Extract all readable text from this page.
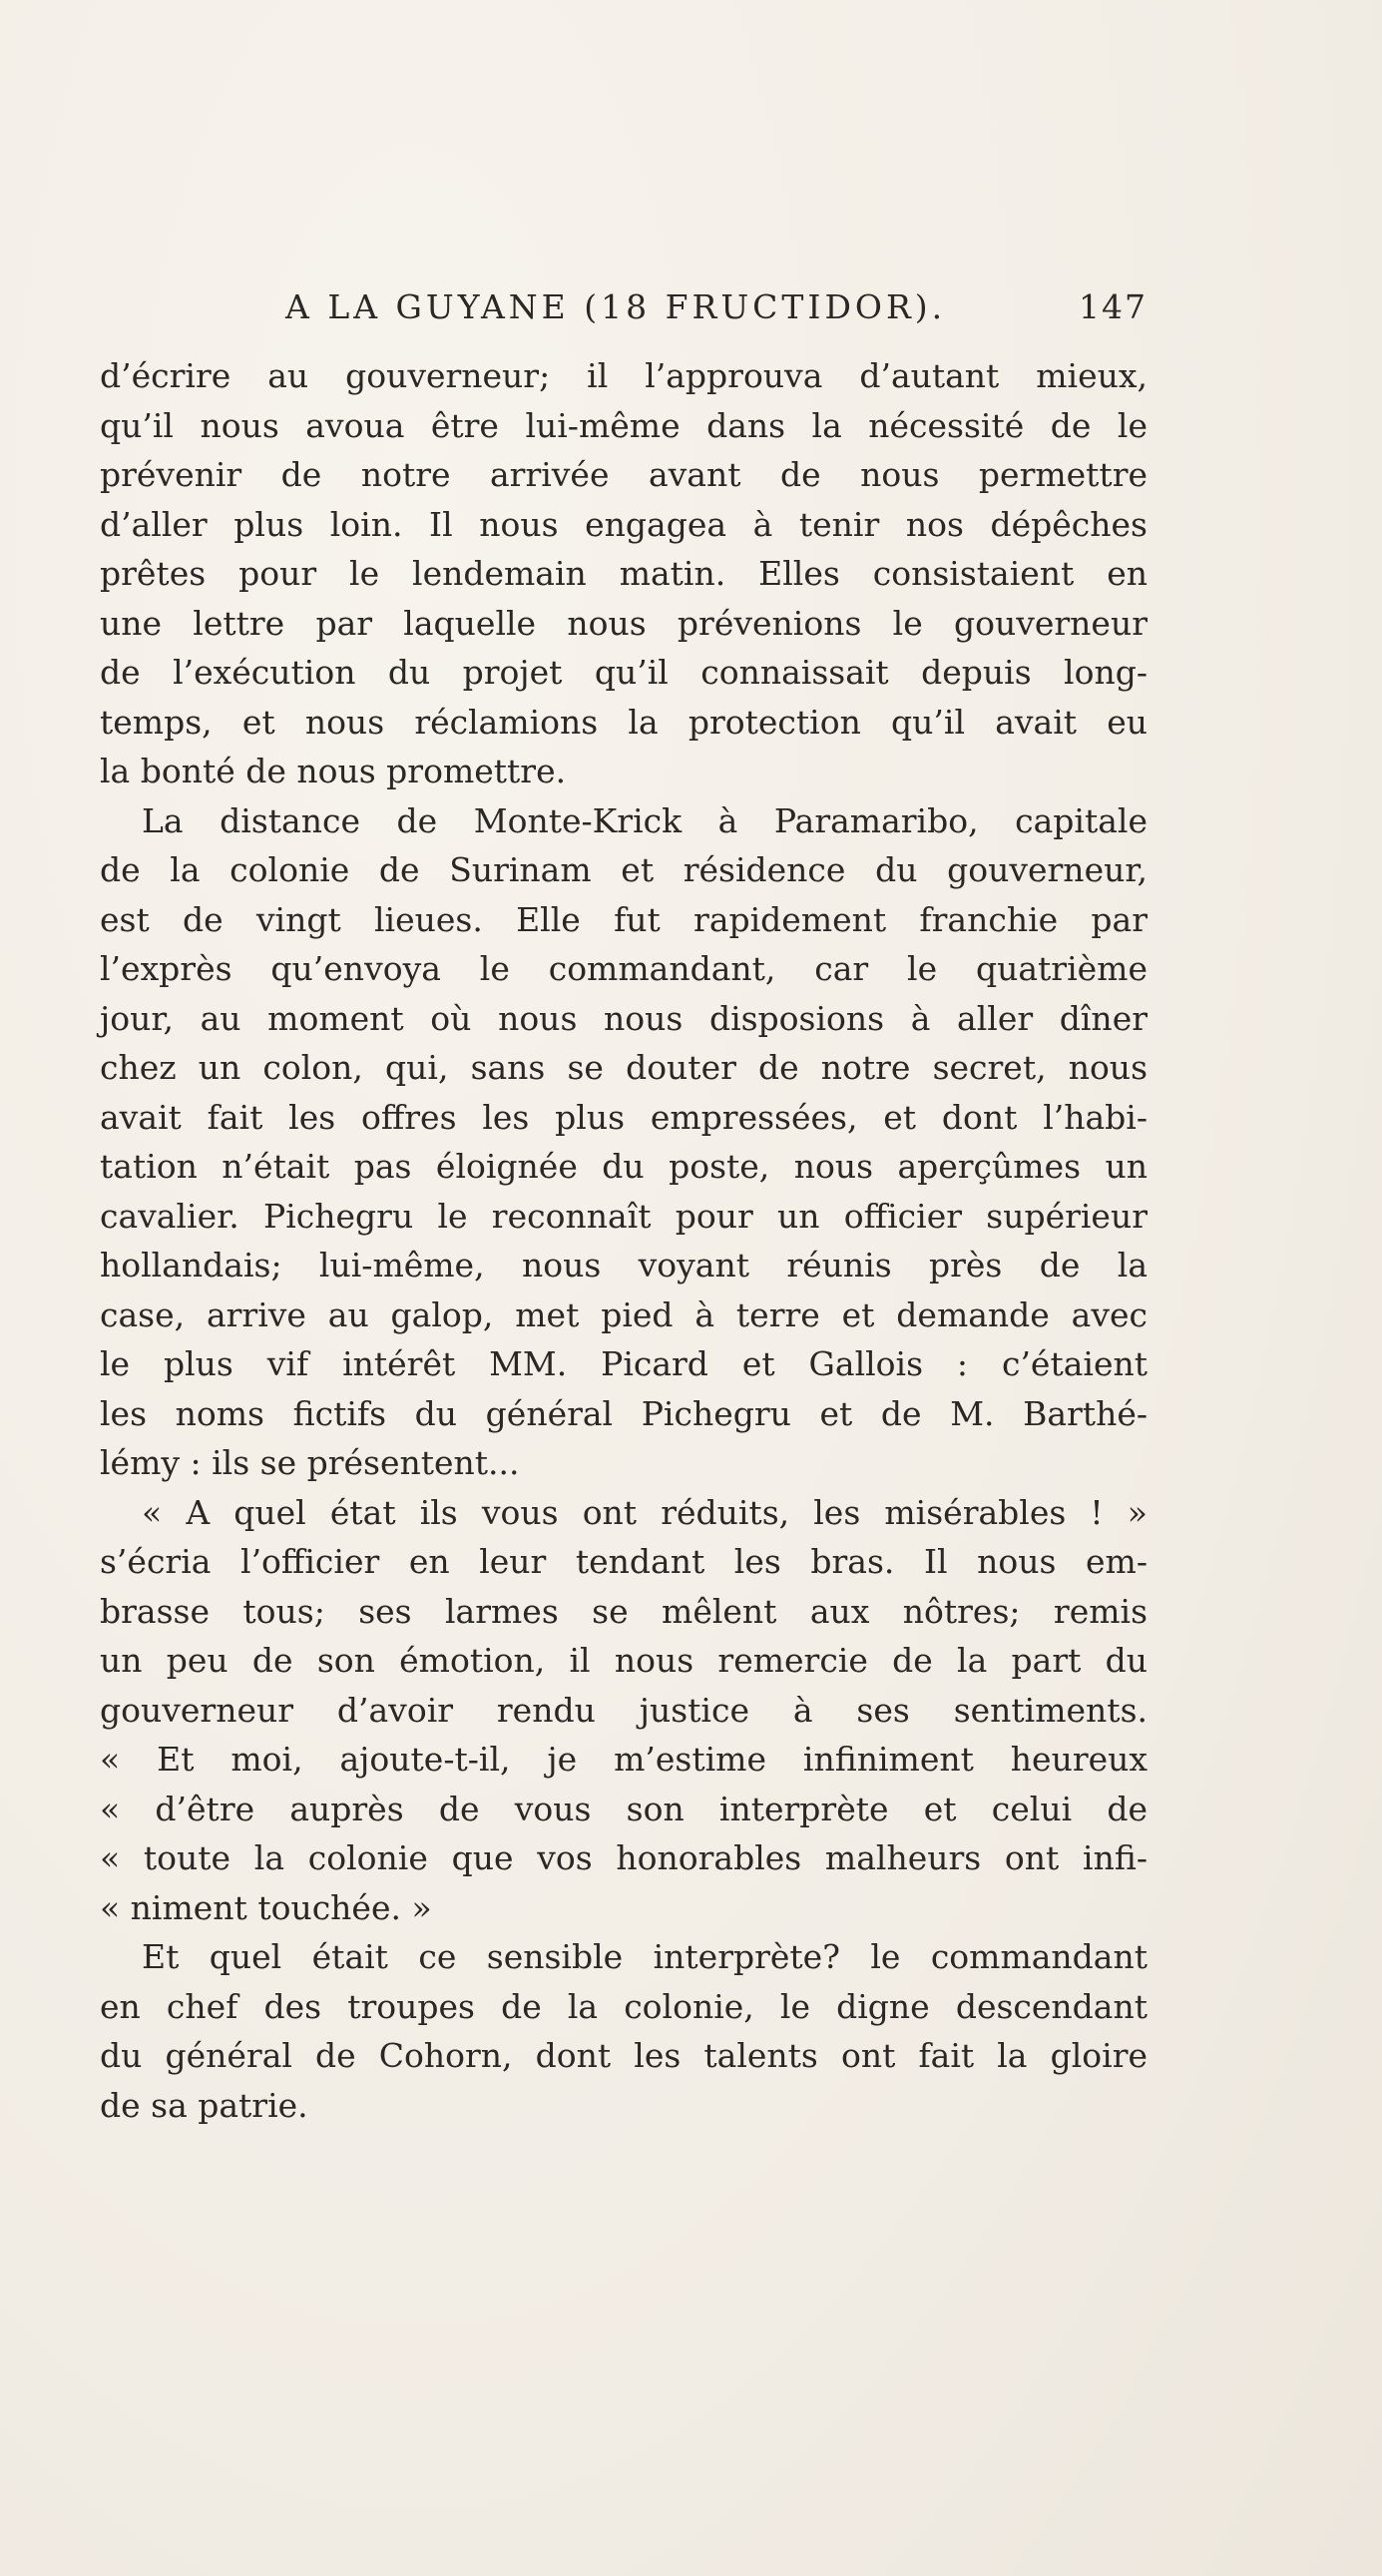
A LA GUYANE (18 FRUCTIDOR).	147
d’écrire au gouverneur; il l’approuva d’autant mieux,
qu’il nous avoua être lui-même dans la nécessité de le
prévenir de notre arrivée avant de nous permettre
d’aller plus loin. Il nous engagea à tenir nos dépêches
prêtes pour le lendemain matin. Elles consistaient en
une lettre par laquelle nous prévenions le gouverneur
de l’exécution du projet qu’il connaissait depuis long-
temps, et nous réclamions la protection qu’il avait eu
la bonté de nous promettre.
La distance de Monte-Krick à Paramaribo, capitale
de la colonie de Surinam et résidence du gouverneur,
est de vingt lieues. Elle fut rapidement franchie par
l’exprès qu’envoya le commandant, car le quatrième
jour, au moment où nous nous disposions à aller dîner
chez un colon, qui, sans se douter de notre secret, nous
avait fait les offres les plus empressées, et dont l’habi-
tation n’était pas éloignée du poste, nous aperçûmes un
cavalier. Pichegru le reconnaît pour un officier supérieur
hollandais; lui-même, nous voyant réunis près de la
case, arrive au galop, met pied à terre et demande avec
le plus vif intérêt MM. Picard et Gallois : c’étaient
les noms fictifs du général Pichegru et de M. Barthé-
lémy : ils se présentent...
« A quel état ils vous ont réduits, les misérables ! »
s’écria l’officier en leur tendant les bras. Il nous em-
brasse tous; ses larmes se mêlent aux nôtres; remis
un peu de son émotion, il nous remercie de la part du
gouverneur d’avoir rendu justice à ses sentiments.
« Et moi, ajoute-t-il, je m’estime infiniment heureux
« d’être auprès de vous son interprète et celui de
« toute la colonie que vos honorables malheurs ont infi-
« niment touchée. »
Et quel était ce sensible interprète? le commandant
en chef des troupes de la colonie, le digne descendant
du général de Cohorn, dont les talents ont fait la gloire
de sa patrie.
